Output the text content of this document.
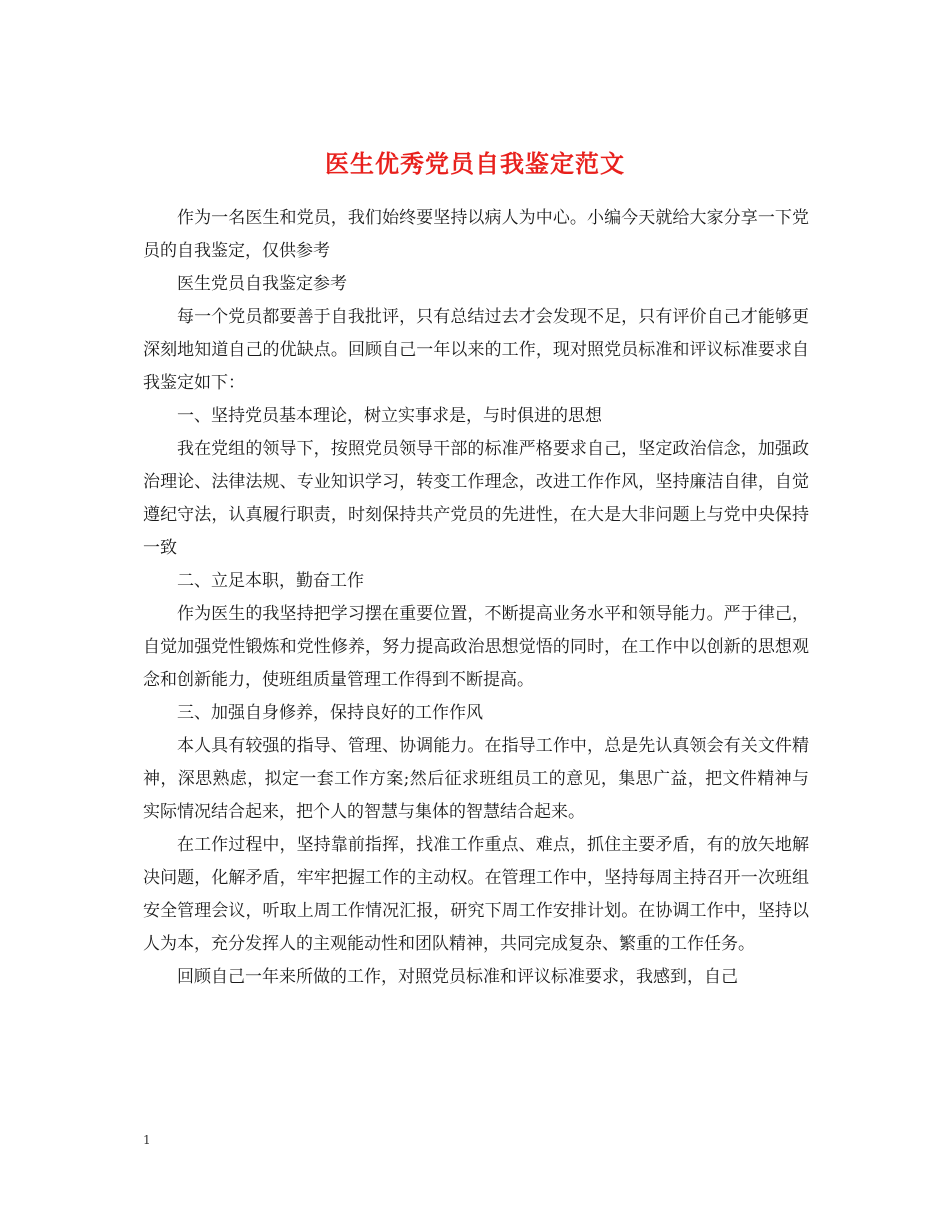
医生优秀党员自我鉴定范文

作为一名医生和党员，我们始终要坚持以病人为中心。小编今天就给大家分享一下党员的自我鉴定，仅供参考

医生党员自我鉴定参考

每一个党员都要善于自我批评，只有总结过去才会发现不足，只有评价自己才能够更深刻地知道自己的优缺点。回顾自己一年以来的工作，现对照党员标准和评议标准要求自我鉴定如下：

一、坚持党员基本理论，树立实事求是，与时俱进的思想

我在党组的领导下，按照党员领导干部的标准严格要求自己，坚定政治信念，加强政治理论、法律法规、专业知识学习，转变工作理念，改进工作作风，坚持廉洁自律，自觉遵纪守法，认真履行职责，时刻保持共产党员的先进性，在大是大非问题上与党中央保持一致

二、立足本职，勤奋工作

作为医生的我坚持把学习摆在重要位置，不断提高业务水平和领导能力。严于律己，自觉加强党性锻炼和党性修养，努力提高政治思想觉悟的同时，在工作中以创新的思想观念和创新能力，使班组质量管理工作得到不断提高。

三、加强自身修养，保持良好的工作作风

本人具有较强的指导、管理、协调能力。在指导工作中，总是先认真领会有关文件精神，深思熟虑，拟定一套工作方案;然后征求班组员工的意见，集思广益，把文件精神与实际情况结合起来，把个人的智慧与集体的智慧结合起来。

在工作过程中，坚持靠前指挥，找准工作重点、难点，抓住主要矛盾，有的放矢地解决问题，化解矛盾，牢牢把握工作的主动权。在管理工作中，坚持每周主持召开一次班组安全管理会议，听取上周工作情况汇报，研究下周工作安排计划。在协调工作中，坚持以人为本，充分发挥人的主观能动性和团队精神，共同完成复杂、繁重的工作任务。

回顾自己一年来所做的工作，对照党员标准和评议标准要求，我感到，自己

1
